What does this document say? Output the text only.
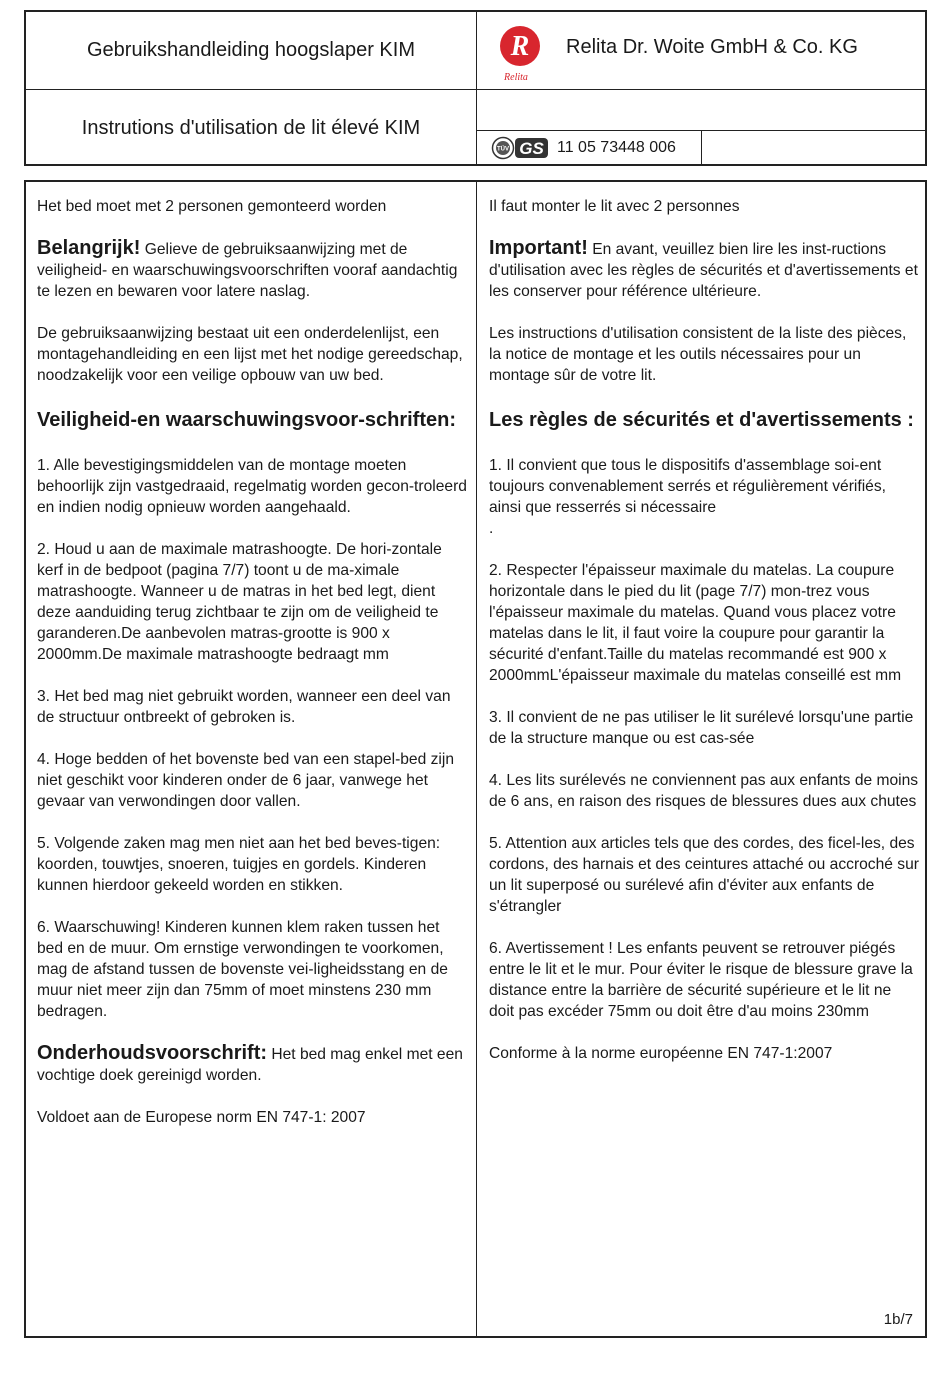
Gebruikshandleiding hoogslaper KIM
Instrutions d'utilisation de lit élevé KIM
R
Relita
Relita Dr. Woite GmbH & Co. KG
TÜV GS 11 05 73448 006

Het bed moet met 2 personen gemonteerd worden

Belangrijk! Gelieve de gebruiksaanwijzing met de veiligheid- en waarschuwingsvoorschriften vooraf aandachtig te lezen en bewaren voor latere naslag.

De gebruiksaanwijzing bestaat uit een onderdelenlijst, een montagehandleiding en een lijst met het nodige gereedschap, noodzakelijk voor een veilige opbouw van uw bed.

Veiligheid-en waarschuwingsvoor-schriften:

1. Alle bevestigingsmiddelen van de montage moeten behoorlijk zijn vastgedraaid, regelmatig worden gecon-troleerd en indien nodig opnieuw worden aangehaald.

2. Houd u aan de maximale matrashoogte. De hori-zontale kerf in de bedpoot (pagina 7/7) toont u de ma-ximale matrashoogte. Wanneer u de matras in het bed legt, dient deze aanduiding terug zichtbaar te zijn om de veiligheid te garanderen.De aanbevolen matras-grootte is 900 x 2000mm.De maximale matrashoogte bedraagt mm

3. Het bed mag niet gebruikt worden, wanneer een deel van de structuur ontbreekt of gebroken is.

4. Hoge bedden of het bovenste bed van een stapel-bed zijn niet geschikt voor kinderen onder de 6 jaar, vanwege het gevaar van verwondingen door vallen.

5. Volgende zaken mag men niet aan het bed beves-tigen: koorden, touwtjes, snoeren, tuigjes en gordels. Kinderen kunnen hierdoor gekeeld worden en stikken.

6. Waarschuwing! Kinderen kunnen klem raken tussen het bed en de muur. Om ernstige verwondingen te voorkomen, mag de afstand tussen de bovenste vei-ligheidsstang en de muur niet meer zijn dan 75mm of moet minstens 230 mm bedragen.

Onderhoudsvoorschrift: Het bed mag enkel met een vochtige doek gereinigd worden.

Voldoet aan de Europese norm EN 747-1: 2007

Il faut monter le lit avec 2 personnes

Important! En avant, veuillez bien lire les inst-ructions d'utilisation avec les règles de sécurités et d'avertissements et les conserver pour référence ultérieure.

Les instructions d'utilisation consistent de la liste des pièces, la notice de montage et les outils nécessaires pour un montage sûr de votre lit.

Les règles de sécurités et d'avertissements :

1. Il convient que tous le dispositifs d'assemblage soi-ent toujours convenablement serrés et régulièrement vérifiés, ainsi que resserrés si nécessaire
.

2. Respecter l'épaisseur maximale du matelas. La coupure horizontale dans le pied du lit (page 7/7) mon-trez vous l'épaisseur maximale du matelas. Quand vous placez votre matelas dans le lit, il faut voire la coupure pour garantir la sécurité d'enfant.Taille du matelas recommandé est 900 x 2000mmL'épaisseur maximale du matelas conseillé est mm

3. Il convient de ne pas utiliser le lit surélevé lorsqu'une partie de la structure manque ou est cas-sée

4. Les lits surélevés ne conviennent pas aux enfants de moins de 6 ans, en raison des risques de blessures dues aux chutes

5. Attention aux articles tels que des cordes, des ficel-les, des cordons, des harnais et des ceintures attaché ou accroché sur un lit superposé ou surélevé afin d'éviter aux enfants de s'étrangler

6. Avertissement ! Les enfants peuvent se retrouver piégés entre le lit et le mur. Pour éviter le risque de blessure grave la distance entre la barrière de sécurité supérieure et le lit ne doit pas excéder 75mm ou doit être d'au moins 230mm

Conforme à la norme européenne EN 747-1:2007

1b/7
